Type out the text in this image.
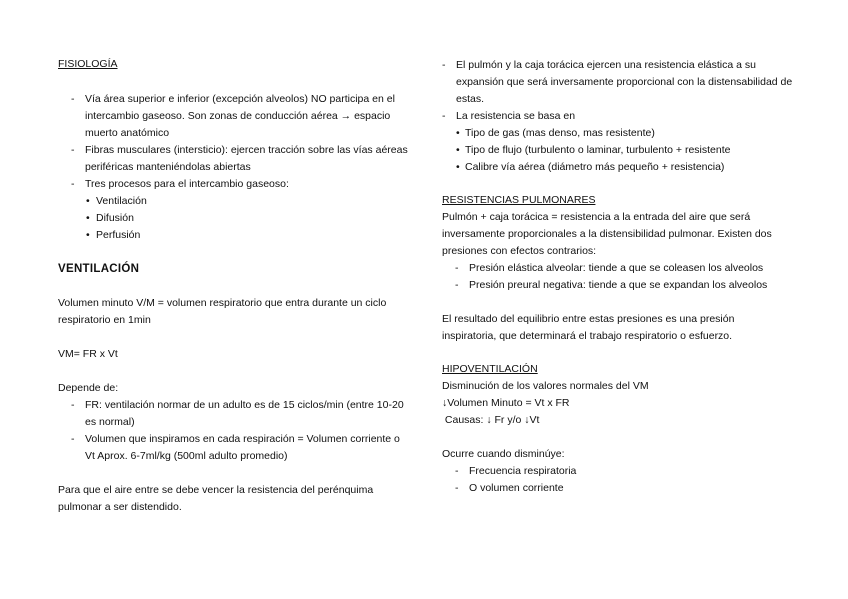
FISIOLOGÍA

- Vía área superior e inferior (excepción alveolos) NO participa en el intercambio gaseoso. Son zonas de conducción aérea → espacio muerto anatómico
- Fibras musculares (intersticio): ejercen tracción sobre las vías aéreas periféricas manteniéndolas abiertas
- Tres procesos para el intercambio gaseoso:
• Ventilación
• Difusión
• Perfusión

VENTILACIÓN

Volumen minuto V/M = volumen respiratorio que entra durante un ciclo respiratorio en 1min

VM= FR x Vt

Depende de:

- FR: ventilación normar de un adulto es de 15 ciclos/min (entre 10-20 es normal)
- Volumen que inspiramos en cada respiración = Volumen corriente o Vt Aprox. 6-7ml/kg (500ml adulto promedio)

Para que el aire entre se debe vencer la resistencia del perénquima pulmonar a ser distendido.

- El pulmón y la caja torácica ejercen una resistencia elástica a su expansión que será inversamente proporcional con la distensabilidad de estas.
- La resistencia se basa en
• Tipo de gas (mas denso, mas resistente)
• Tipo de flujo (turbulento o laminar, turbulento + resistente
• Calibre vía aérea (diámetro más pequeño + resistencia)

RESISTENCIAS PULMONARES

Pulmón + caja torácica = resistencia a la entrada del aire que será inversamente proporcionales a la distensibilidad pulmonar. Existen dos presiones con efectos contrarios:

- Presión elástica alveolar: tiende a que se coleasen los alveolos
- Presión preural negativa: tiende a que se expandan los alveolos

El resultado del equilibrio entre estas presiones es una presión inspiratoria, que determinará el trabajo respiratorio o esfuerzo.

HIPOVENTILACIÓN

Disminución de los valores normales del VM

↓Volumen Minuto = Vt x FR

Causas: ↓ Fr y/o ↓Vt

Ocurre cuando disminúye:

- Frecuencia respiratoria
- O volumen corriente
